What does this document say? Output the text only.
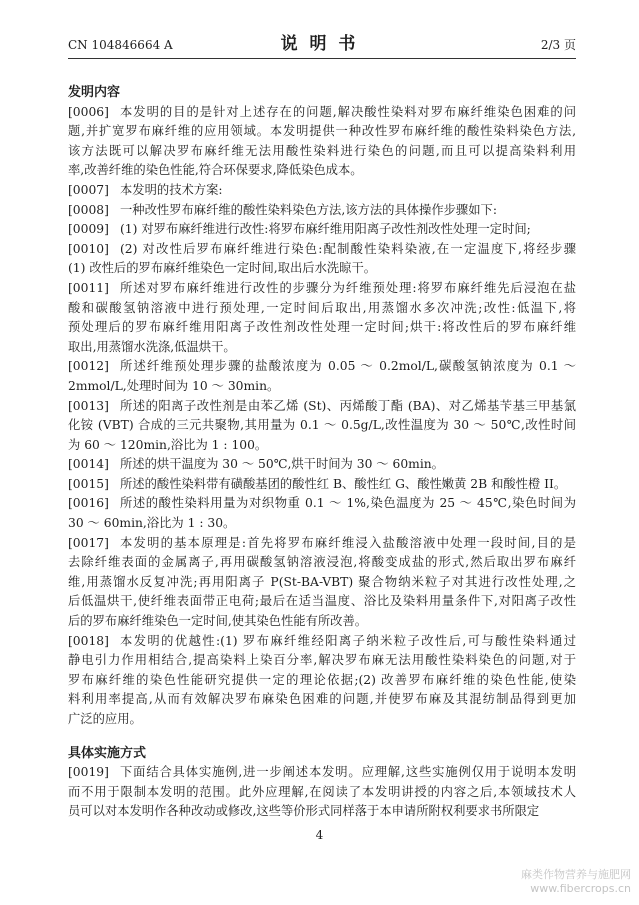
CN 104846664 A	说 明 书	2/3 页
发明内容
[0006] 本发明的目的是针对上述存在的问题,解决酸性染料对罗布麻纤维染色困难的问
题,并扩宽罗布麻纤维的应用领域。本发明提供一种改性罗布麻纤维的酸性染料染色方法,
该方法既可以解决罗布麻纤维无法用酸性染料进行染色的问题,而且可以提高染料利用
率,改善纤维的染色性能,符合环保要求,降低染色成本。
[0007] 本发明的技术方案:
[0008] 一种改性罗布麻纤维的酸性染料染色方法,该方法的具体操作步骤如下:
[0009] (1) 对罗布麻纤维进行改性:将罗布麻纤维用阳离子改性剂改性处理一定时间;
[0010] (2) 对改性后罗布麻纤维进行染色:配制酸性染料染液,在一定温度下,将经步骤
(1) 改性后的罗布麻纤维染色一定时间,取出后水洗晾干。
[0011] 所述对罗布麻纤维进行改性的步骤分为纤维预处理:将罗布麻纤维先后浸泡在盐
酸和碳酸氢钠溶液中进行预处理,一定时间后取出,用蒸馏水多次冲洗;改性:低温下,将
预处理后的罗布麻纤维用阳离子改性剂改性处理一定时间;烘干:将改性后的罗布麻纤维
取出,用蒸馏水洗涤,低温烘干。
[0012] 所述纤维预处理步骤的盐酸浓度为 0.05 ～ 0.2mol/L,碳酸氢钠浓度为 0.1 ～
2mmol/L,处理时间为 10 ～ 30min。
[0013] 所述的阳离子改性剂是由苯乙烯 (St)、丙烯酸丁酯 (BA)、对乙烯基苄基三甲基氯
化铵 (VBT) 合成的三元共聚物,其用量为 0.1 ～ 0.5g/L,改性温度为 30 ～ 50℃,改性时间
为 60 ～ 120min,浴比为 1 : 100。
[0014] 所述的烘干温度为 30 ～ 50℃,烘干时间为 30 ～ 60min。
[0015] 所述的酸性染料带有磺酸基团的酸性红 B、酸性红 G、酸性嫩黄 2B 和酸性橙 II。
[0016] 所述的酸性染料用量为对织物重 0.1 ～ 1%,染色温度为 25 ～ 45℃,染色时间为
30 ～ 60min,浴比为 1 : 30。
[0017] 本发明的基本原理是:首先将罗布麻纤维浸入盐酸溶液中处理一段时间,目的是
去除纤维表面的金属离子,再用碳酸氢钠溶液浸泡,将酸变成盐的形式,然后取出罗布麻纤
维,用蒸馏水反复冲洗;再用阳离子 P(St-BA-VBT) 聚合物纳米粒子对其进行改性处理,之
后低温烘干,使纤维表面带正电荷;最后在适当温度、浴比及染料用量条件下,对阳离子改性
后的罗布麻纤维染色一定时间,使其染色性能有所改善。
[0018] 本发明的优越性:(1) 罗布麻纤维经阳离子纳米粒子改性后,可与酸性染料通过
静电引力作用相结合,提高染料上染百分率,解决罗布麻无法用酸性染料染色的问题,对于
罗布麻纤维的染色性能研究提供一定的理论依据;(2) 改善罗布麻纤维的染色性能,使染
料利用率提高,从而有效解决罗布麻染色困难的问题,并使罗布麻及其混纺制品得到更加
广泛的应用。
具体实施方式
[0019] 下面结合具体实施例,进一步阐述本发明。应理解,这些实施例仅用于说明本发明
而不用于限制本发明的范围。此外应理解,在阅读了本发明讲授的内容之后,本领域技术人
员可以对本发明作各种改动或修改,这些等价形式同样落于本申请所附权利要求书所限定
4
麻类作物营养与施肥网
www.fibercrops.cn
